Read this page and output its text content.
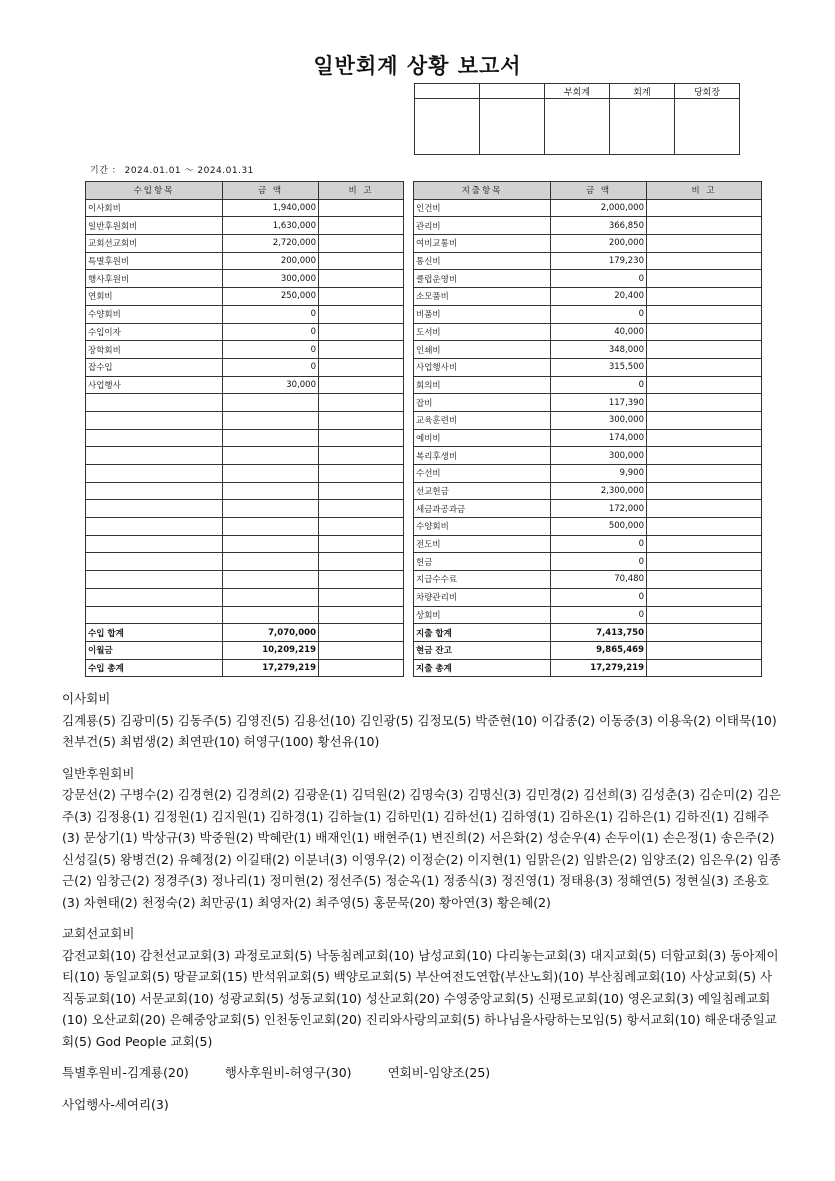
일반회계 상황 보고서
		부회계	회계	당회장

기간 ： 2024.01.01 ～ 2024.01.31
수입항목	금 액	비 고		지출항목	금 액	비 고
이사회비	1,940,000			인건비	2,000,000	
일반후원회비	1,630,000			관리비	366,850	
교회선교회비	2,720,000			여비교통비	200,000	
특별후원비	200,000			통신비	179,230	
행사후원비	300,000			클럽운영비	0	
연회비	250,000			소모품비	20,400	
수양회비	0			비품비	0	
수입이자	0			도서비	40,000	
장학회비	0			인쇄비	348,000	
잡수입	0			사업행사비	315,500	
사업행사	30,000			회의비	0	
				잡비	117,390	
				교육훈련비	300,000	
				예비비	174,000	
				복리후생비	300,000	
				수선비	9,900	
				선교헌금	2,300,000	
				세금과공과금	172,000	
				수양회비	500,000	
				전도비	0	
				헌금	0	
				지급수수료	70,480	
				차량관리비	0	
				상회비	0	
수입 합계	7,070,000			지출 합계	7,413,750	
이월금	10,209,219			현금 잔고	9,865,469	
수입 총계	17,279,219			지출 총계	17,279,219	
이사회비
김계룡(5) 김광미(5) 김동주(5) 김영진(5) 김용선(10) 김인광(5) 김정모(5) 박준현(10) 이갑종(2) 이동중(3) 이용욱(2) 이태묵(10) 천부건(5) 최범생(2) 최연판(10) 허영구(100) 황선유(10)
일반후원회비
강문선(2) 구병수(2) 김경현(2) 김경희(2) 김광운(1) 김덕원(2) 김명숙(3) 김명신(3) 김민경(2) 김선희(3) 김성춘(3) 김순미(2) 김은주(3) 김정용(1) 김정원(1) 김지원(1) 김하경(1) 김하늘(1) 김하민(1) 김하선(1) 김하영(1) 김하온(1) 김하은(1) 김하진(1) 김해주(3) 문상기(1) 박상규(3) 박중원(2) 박혜란(1) 배재인(1) 배현주(1) 변진희(2) 서은화(2) 성순우(4) 손두이(1) 손은정(1) 송은주(2) 신성길(5) 왕병건(2) 유혜정(2) 이길태(2) 이분녀(3) 이영우(2) 이정순(2) 이지현(1) 임맑은(2) 임밝은(2) 임양조(2) 임은우(2) 임종근(2) 임창근(2) 정경주(3) 정나리(1) 정미현(2) 정선주(5) 정순옥(1) 정종식(3) 정진영(1) 정태용(3) 정해연(5) 정현실(3) 조용호(3) 차현태(2) 천정숙(2) 최만공(1) 최영자(2) 최주영(5) 홍문묵(20) 황아연(3) 황은혜(2)
교회선교회비
감전교회(10) 감천선교교회(3) 과정로교회(5) 낙동침례교회(10) 남성교회(10) 다리놓는교회(3) 대지교회(5) 더함교회(3) 동아제이티(10) 동일교회(5) 땅끝교회(15) 반석위교회(5) 백양로교회(5) 부산여전도연합(부산노회)(10) 부산침례교회(10) 사상교회(5) 사직동교회(10) 서문교회(10) 성광교회(5) 성동교회(10) 성산교회(20) 수영중앙교회(5) 신평로교회(10) 영온교회(3) 예일침례교회(10) 오산교회(20) 은혜중앙교회(5) 인천동인교회(20) 진리와사랑의교회(5) 하나님을사랑하는모임(5) 항서교회(10) 해운대중일교회(5) God People 교회(5)
특별후원비-김계룡(20)	행사후원비-허영구(30)	연회비-임양조(25)
사업행사-세여리(3)
